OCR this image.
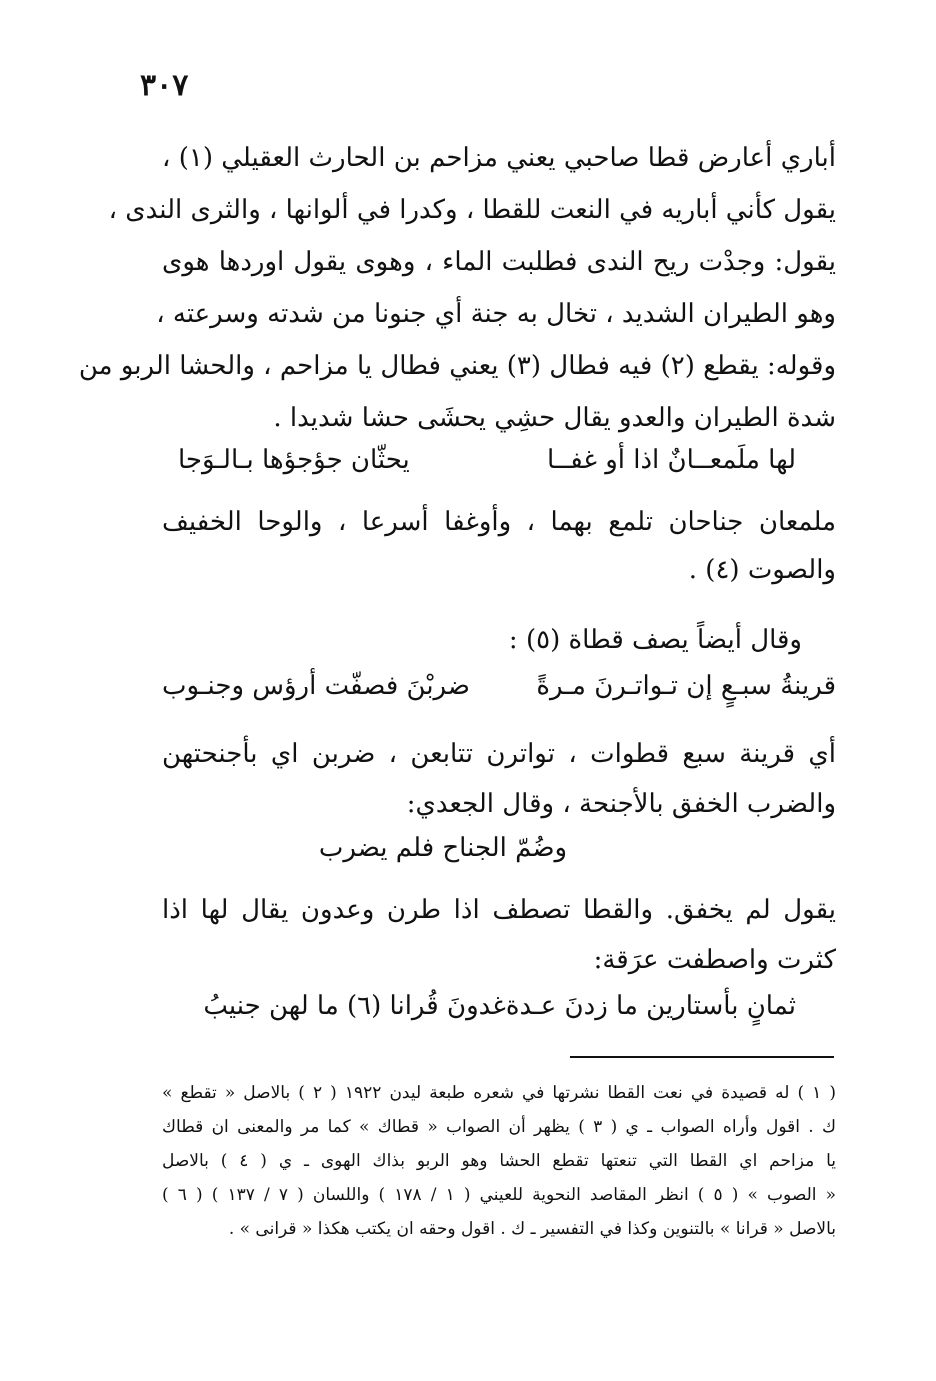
٣٠٧
أباري أعارض قطا صاحبي يعني مزاحم بن الحارث العقيلي (١) ،
يقول كأني أباريه في النعت للقطا ، وكدرا في ألوانها ، والثرى الندى ،
يقول: وجدْت ريح الندى فطلبت الماء ، وهوى يقول اوردها هوى
وهو الطيران الشديد ، تخال به جنة أي جنونا من شدته وسرعته ،
وقوله: يقطع (٢) فيه فطال (٣) يعني فطال يا مزاحم ، والحشا الربو من
شدة الطيران والعدو يقال حشِي يحشَى حشا شديدا .
لها ملَمعــانٌ اذا أو غفــا
يحثّان جؤجؤها بـالـوَجا
ملمعان جناحان تلمع بهما ، وأوغفا أسرعا ، والوحا الخفيف
والصوت (٤) .
وقال أيضاً يصف قطاة (٥) :
قرينةُ سبـعٍ إن تـواتـرنَ مـرةً
ضربْنَ فصفّت أرؤس وجنـوب
أي قرينة سبع قطوات ، تواترن تتابعن ، ضربن اي بأجنحتهن
والضرب الخفق بالأجنحة ، وقال الجعدي:
وضُمّ الجناح فلم يضرب
يقول لم يخفق. والقطا تصطف اذا طرن وعدون يقال لها اذا
كثرت واصطفت عرَقة:
ثمانٍ بأستارين ما زدنَ عـدة
غدونَ قُرانا (٦) ما لهن جنيبُ
( ١ ) له قصيدة في نعت القطا نشرتها في شعره طبعة ليدن ١٩٢٢ ( ٢ ) بالاصل « تقطع »
ك . اقول وأراه الصواب ـ ي ( ٣ ) يظهر أن الصواب « قطاك » كما مر والمعنى ان قطاك
يا مزاحم اي القطا التي تنعتها تقطع الحشا وهو الربو بذاك الهوى ـ ي ( ٤ ) بالاصل
« الصوب » ( ٥ ) انظر المقاصد النحوية للعيني ( ١ / ١٧٨ ) واللسان ( ٧ / ١٣٧ ) ( ٦ )
بالاصل « قرانا » بالتنوين وكذا في التفسير ـ ك . اقول وحقه ان يكتب هكذا « قرانى » .
